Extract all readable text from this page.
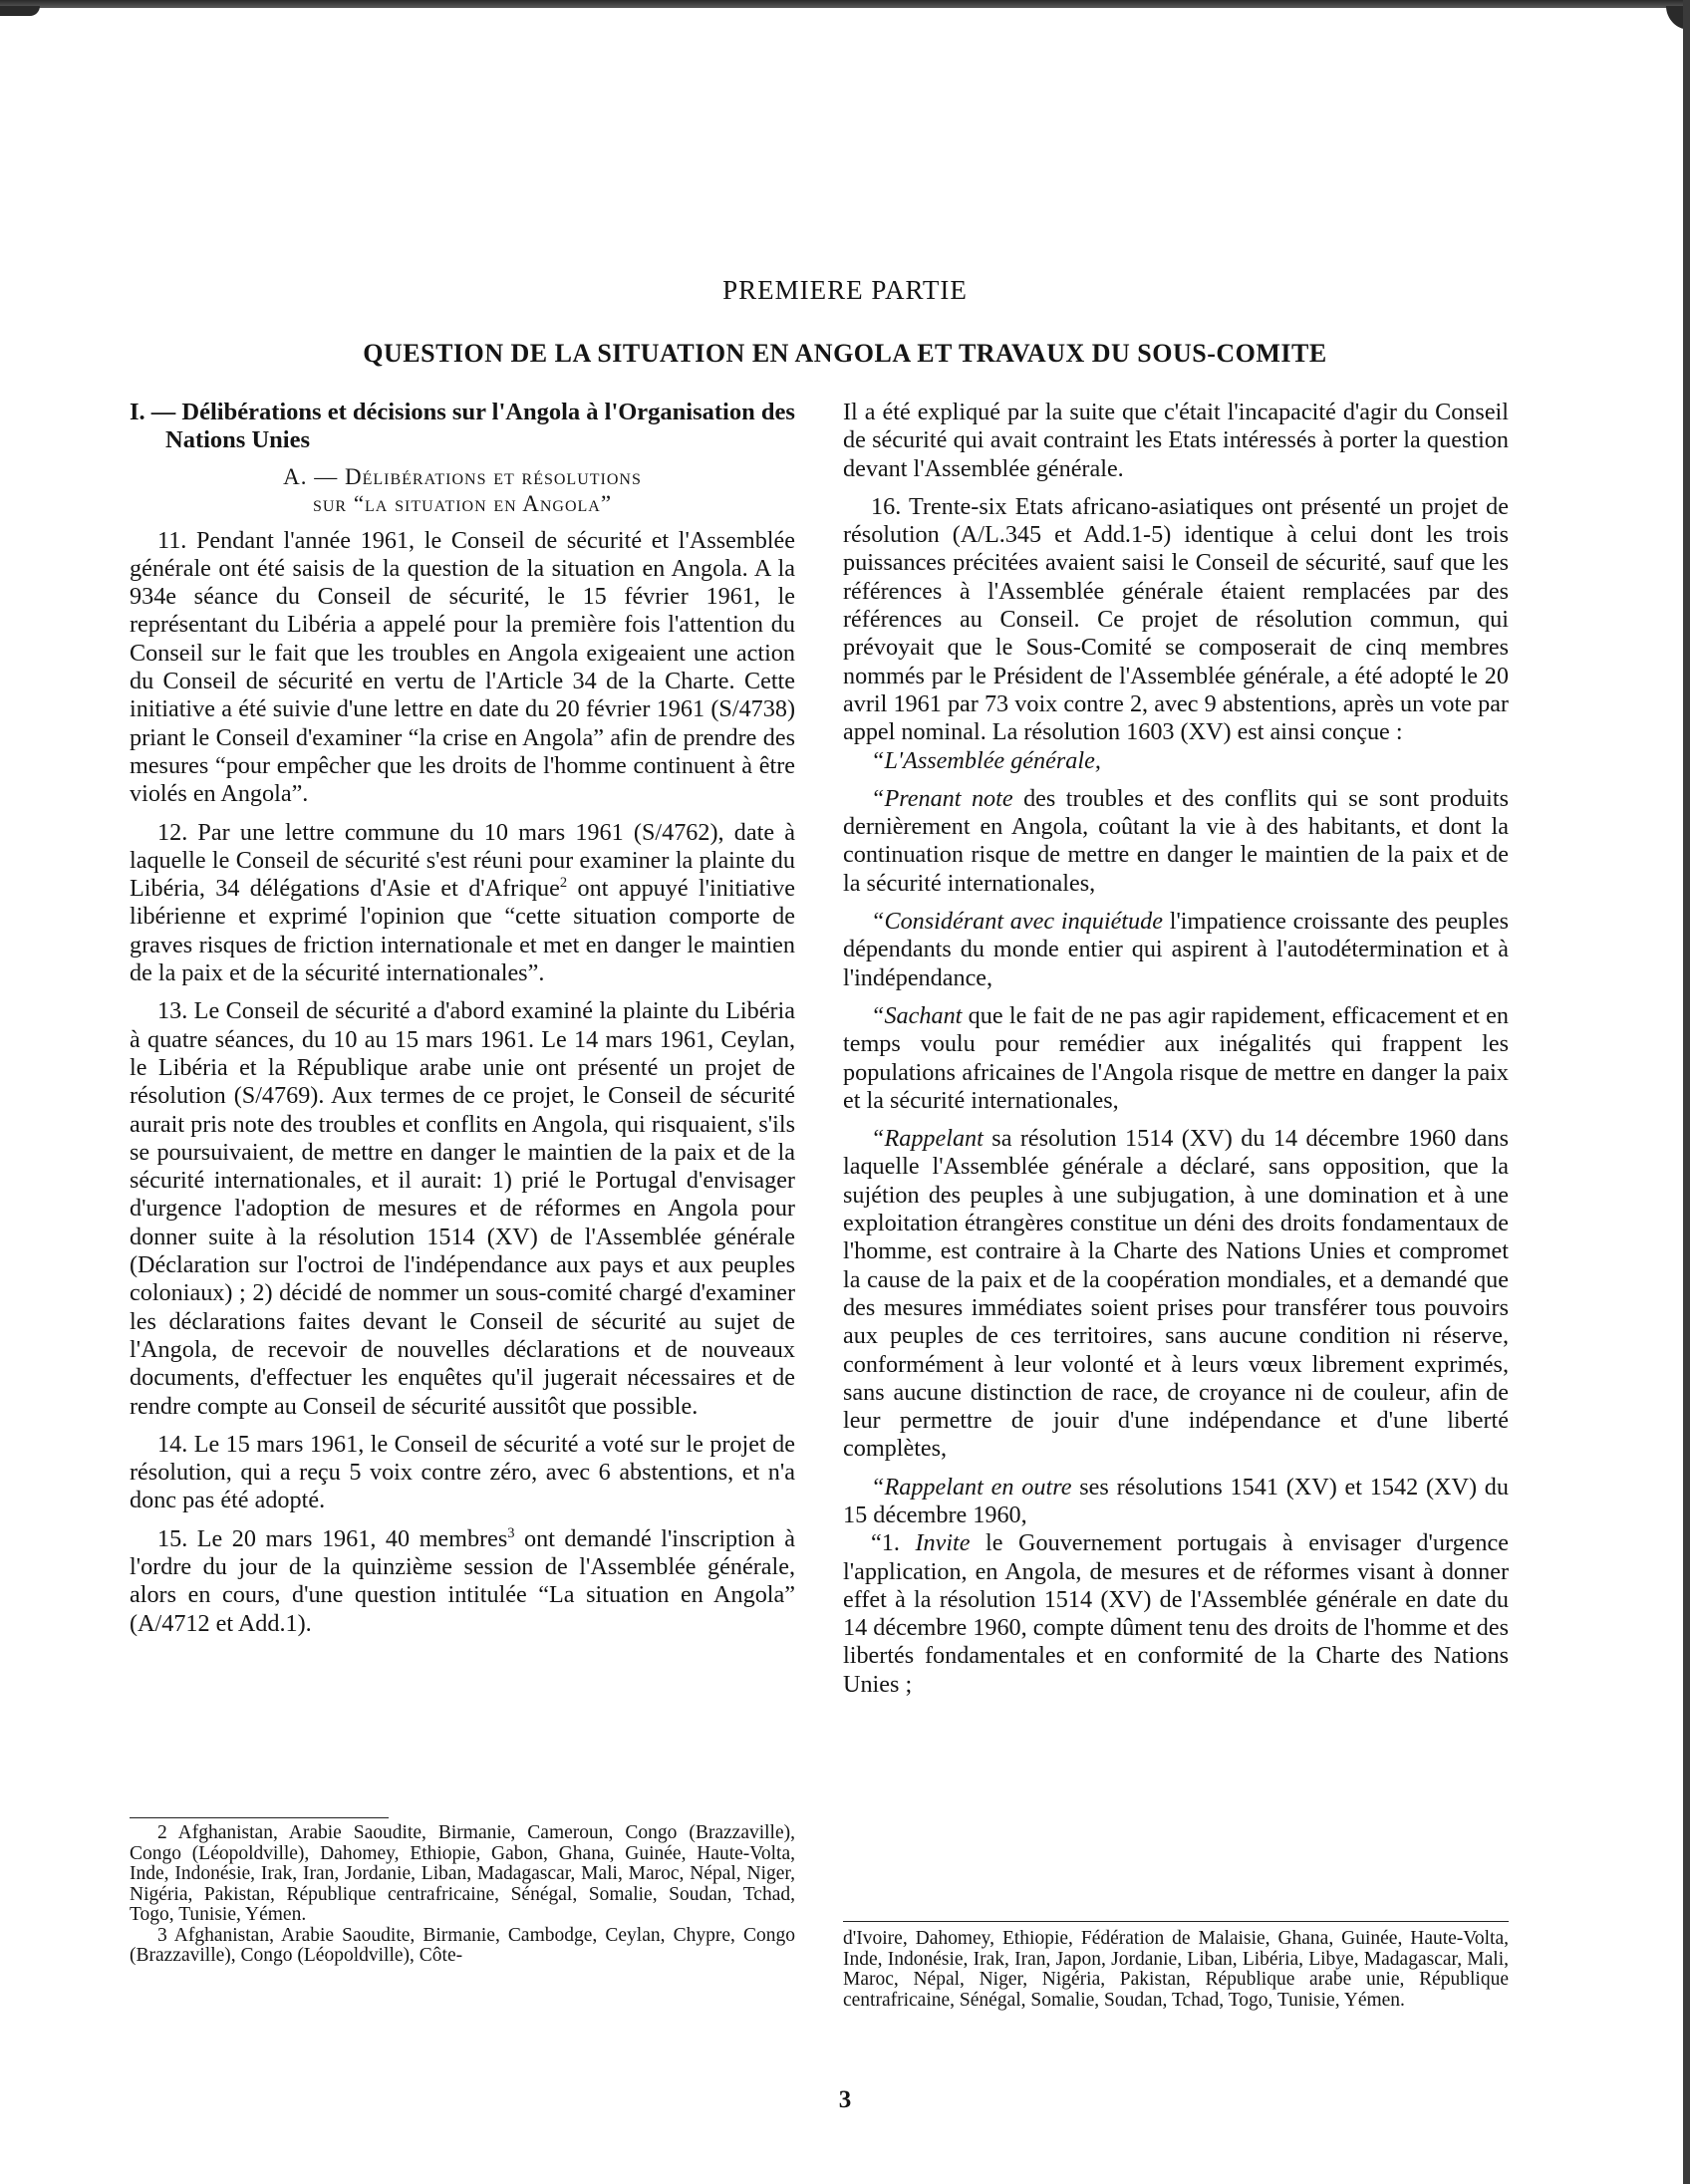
PREMIERE PARTIE
QUESTION DE LA SITUATION EN ANGOLA ET TRAVAUX DU SOUS-COMITE
I. — Délibérations et décisions sur l'Angola à l'Organisation des Nations Unies
A. — Délibérations et résolutions
sur “la situation en Angola”

11. Pendant l'année 1961, le Conseil de sécurité et l'Assemblée générale ont été saisis de la question de la situation en Angola. A la 934e séance du Conseil de sécurité, le 15 février 1961, le représentant du Libéria a appelé pour la première fois l'attention du Conseil sur le fait que les troubles en Angola exigeaient une action du Conseil de sécurité en vertu de l'Article 34 de la Charte. Cette initiative a été suivie d'une lettre en date du 20 février 1961 (S/4738) priant le Conseil d'examiner “la crise en Angola” afin de prendre des mesures “pour empêcher que les droits de l'homme continuent à être violés en Angola”.

12. Par une lettre commune du 10 mars 1961 (S/4762), date à laquelle le Conseil de sécurité s'est réuni pour examiner la plainte du Libéria, 34 délégations d'Asie et d'Afrique$^2$ ont appuyé l'initiative libérienne et exprimé l'opinion que “cette situation comporte de graves risques de friction internationale et met en danger le maintien de la paix et de la sécurité internationales”.

13. Le Conseil de sécurité a d'abord examiné la plainte du Libéria à quatre séances, du 10 au 15 mars 1961. Le 14 mars 1961, Ceylan, le Libéria et la République arabe unie ont présenté un projet de résolution (S/4769). Aux termes de ce projet, le Conseil de sécurité aurait pris note des troubles et conflits en Angola, qui risquaient, s'ils se poursuivaient, de mettre en danger le maintien de la paix et de la sécurité internationales, et il aurait: 1) prié le Portugal d'envisager d'urgence l'adoption de mesures et de réformes en Angola pour donner suite à la résolution 1514 (XV) de l'Assemblée générale (Déclaration sur l'octroi de l'indépendance aux pays et aux peuples coloniaux) ; 2) décidé de nommer un sous-comité chargé d'examiner les déclarations faites devant le Conseil de sécurité au sujet de l'Angola, de recevoir de nouvelles déclarations et de nouveaux documents, d'effectuer les enquêtes qu'il jugerait nécessaires et de rendre compte au Conseil de sécurité aussitôt que possible.

14. Le 15 mars 1961, le Conseil de sécurité a voté sur le projet de résolution, qui a reçu 5 voix contre zéro, avec 6 abstentions, et n'a donc pas été adopté.

15. Le 20 mars 1961, 40 membres$^3$ ont demandé l'inscription à l'ordre du jour de la quinzième session de l'Assemblée générale, alors en cours, d'une question intitulée “La situation en Angola” (A/4712 et Add.1).

2 Afghanistan, Arabie Saoudite, Birmanie, Cameroun, Congo (Brazzaville), Congo (Léopoldville), Dahomey, Ethiopie, Gabon, Ghana, Guinée, Haute-Volta, Inde, Indonésie, Irak, Iran, Jordanie, Liban, Madagascar, Mali, Maroc, Népal, Niger, Nigéria, Pakistan, République centrafricaine, Sénégal, Somalie, Soudan, Tchad, Togo, Tunisie, Yémen.

3 Afghanistan, Arabie Saoudite, Birmanie, Cambodge, Ceylan, Chypre, Congo (Brazzaville), Congo (Léopoldville), Côte-

Il a été expliqué par la suite que c'était l'incapacité d'agir du Conseil de sécurité qui avait contraint les Etats intéressés à porter la question devant l'Assemblée générale.

16. Trente-six Etats africano-asiatiques ont présenté un projet de résolution (A/L.345 et Add.1-5) identique à celui dont les trois puissances précitées avaient saisi le Conseil de sécurité, sauf que les références à l'Assemblée générale étaient remplacées par des références au Conseil. Ce projet de résolution commun, qui prévoyait que le Sous-Comité se composerait de cinq membres nommés par le Président de l'Assemblée générale, a été adopté le 20 avril 1961 par 73 voix contre 2, avec 9 abstentions, après un vote par appel nominal. La résolution 1603 (XV) est ainsi conçue :

“L'Assemblée générale,

“Prenant note des troubles et des conflits qui se sont produits dernièrement en Angola, coûtant la vie à des habitants, et dont la continuation risque de mettre en danger le maintien de la paix et de la sécurité internationales,

“Considérant avec inquiétude l'impatience croissante des peuples dépendants du monde entier qui aspirent à l'autodétermination et à l'indépendance,

“Sachant que le fait de ne pas agir rapidement, efficacement et en temps voulu pour remédier aux inégalités qui frappent les populations africaines de l'Angola risque de mettre en danger la paix et la sécurité internationales,

“Rappelant sa résolution 1514 (XV) du 14 décembre 1960 dans laquelle l'Assemblée générale a déclaré, sans opposition, que la sujétion des peuples à une subjugation, à une domination et à une exploitation étrangères constitue un déni des droits fondamentaux de l'homme, est contraire à la Charte des Nations Unies et compromet la cause de la paix et de la coopération mondiales, et a demandé que des mesures immédiates soient prises pour transférer tous pouvoirs aux peuples de ces territoires, sans aucune condition ni réserve, conformément à leur volonté et à leurs vœux librement exprimés, sans aucune distinction de race, de croyance ni de couleur, afin de leur permettre de jouir d'une indépendance et d'une liberté complètes,

“Rappelant en outre ses résolutions 1541 (XV) et 1542 (XV) du 15 décembre 1960,

“1. Invite le Gouvernement portugais à envisager d'urgence l'application, en Angola, de mesures et de réformes visant à donner effet à la résolution 1514 (XV) de l'Assemblée générale en date du 14 décembre 1960, compte dûment tenu des droits de l'homme et des libertés fondamentales et en conformité de la Charte des Nations Unies ;

d'Ivoire, Dahomey, Ethiopie, Fédération de Malaisie, Ghana, Guinée, Haute-Volta, Inde, Indonésie, Irak, Iran, Japon, Jordanie, Liban, Libéria, Libye, Madagascar, Mali, Maroc, Népal, Niger, Nigéria, Pakistan, République arabe unie, République centrafricaine, Sénégal, Somalie, Soudan, Tchad, Togo, Tunisie, Yémen.

3
